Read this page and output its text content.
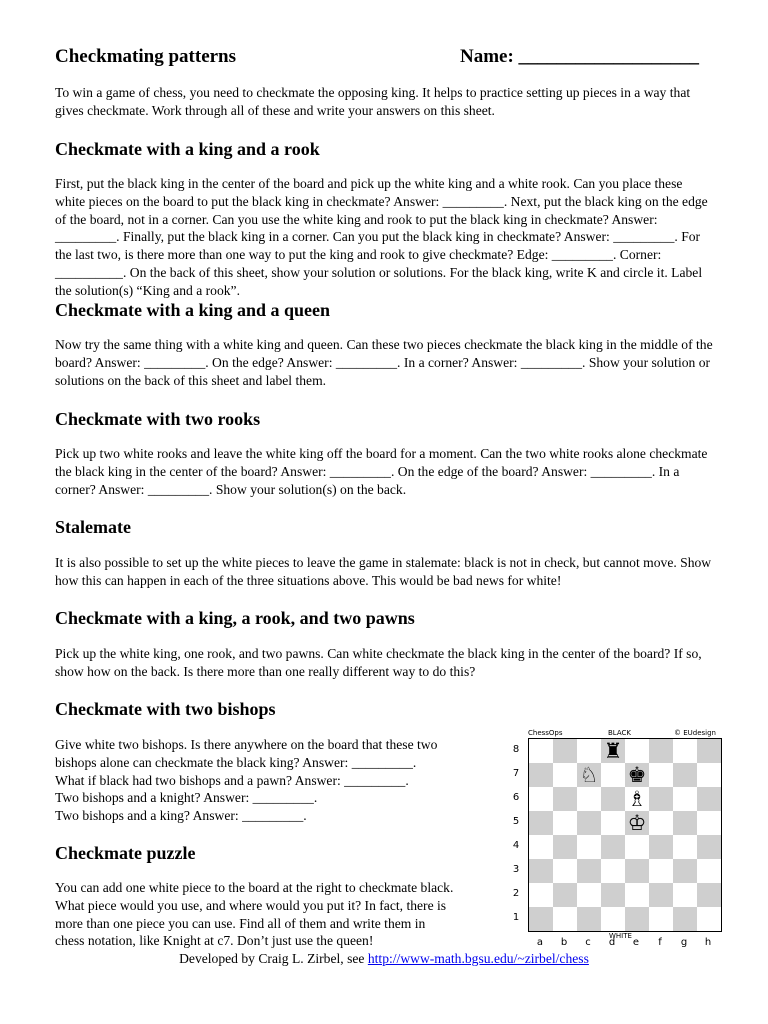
Checkmating patterns	Name: ___________________

To win a game of chess, you need to checkmate the opposing king. It helps to practice setting up pieces in a way that gives checkmate. Work through all of these and write your answers on this sheet.

Checkmate with a king and a rook

First, put the black king in the center of the board and pick up the white king and a white rook. Can you place these white pieces on the board to put the black king in checkmate? Answer: _________. Next, put the black king on the edge of the board, not in a corner. Can you use the white king and rook to put the black king in checkmate? Answer: _________. Finally, put the black king in a corner. Can you put the black king in checkmate? Answer: _________. For the last two, is there more than one way to put the king and rook to give checkmate? Edge: _________. Corner: __________. On the back of this sheet, show your solution or solutions. For the black king, write K and circle it. Label the solution(s) “King and a rook”.

Checkmate with a king and a queen

Now try the same thing with a white king and queen. Can these two pieces checkmate the black king in the middle of the board? Answer: _________. On the edge? Answer: _________. In a corner? Answer: _________. Show your solution or solutions on the back of this sheet and label them.

Checkmate with two rooks

Pick up two white rooks and leave the white king off the board for a moment. Can the two white rooks alone checkmate the black king in the center of the board? Answer: _________. On the edge of the board? Answer: _________. In a corner? Answer: _________. Show your solution(s) on the back.

Stalemate

It is also possible to set up the white pieces to leave the game in stalemate: black is not in check, but cannot move. Show how this can happen in each of the three situations above. This would be bad news for white!

Checkmate with a king, a rook, and two pawns

Pick up the white king, one rook, and two pawns. Can white checkmate the black king in the center of the board? If so, show how on the back. Is there more than one really different way to do this?

Checkmate with two bishops
Give white two bishops. Is there anywhere on the board that these two
bishops alone can checkmate the black king? Answer: _________.
What if black had two bishops and a pawn? Answer: _________.
Two bishops and a knight? Answer: _________.
Two bishops and a king? Answer: _________.
Checkmate puzzle
You can add one white piece to the board at the right to checkmate black.
What piece would you use, and where would you put it? In fact, there is
more than one piece you can use. Find all of them and write them in
chess notation, like Knight at c7. Don’t just use the queen!
ChessOps	BLACK	© EUdesign
♜
♘ ♚
♗
♔
8
7
6
5
4
3
2
1
a	b	c	d	e	f	g	h
WHITE
Developed by Craig L. Zirbel, see http://www-math.bgsu.edu/~zirbel/chess
